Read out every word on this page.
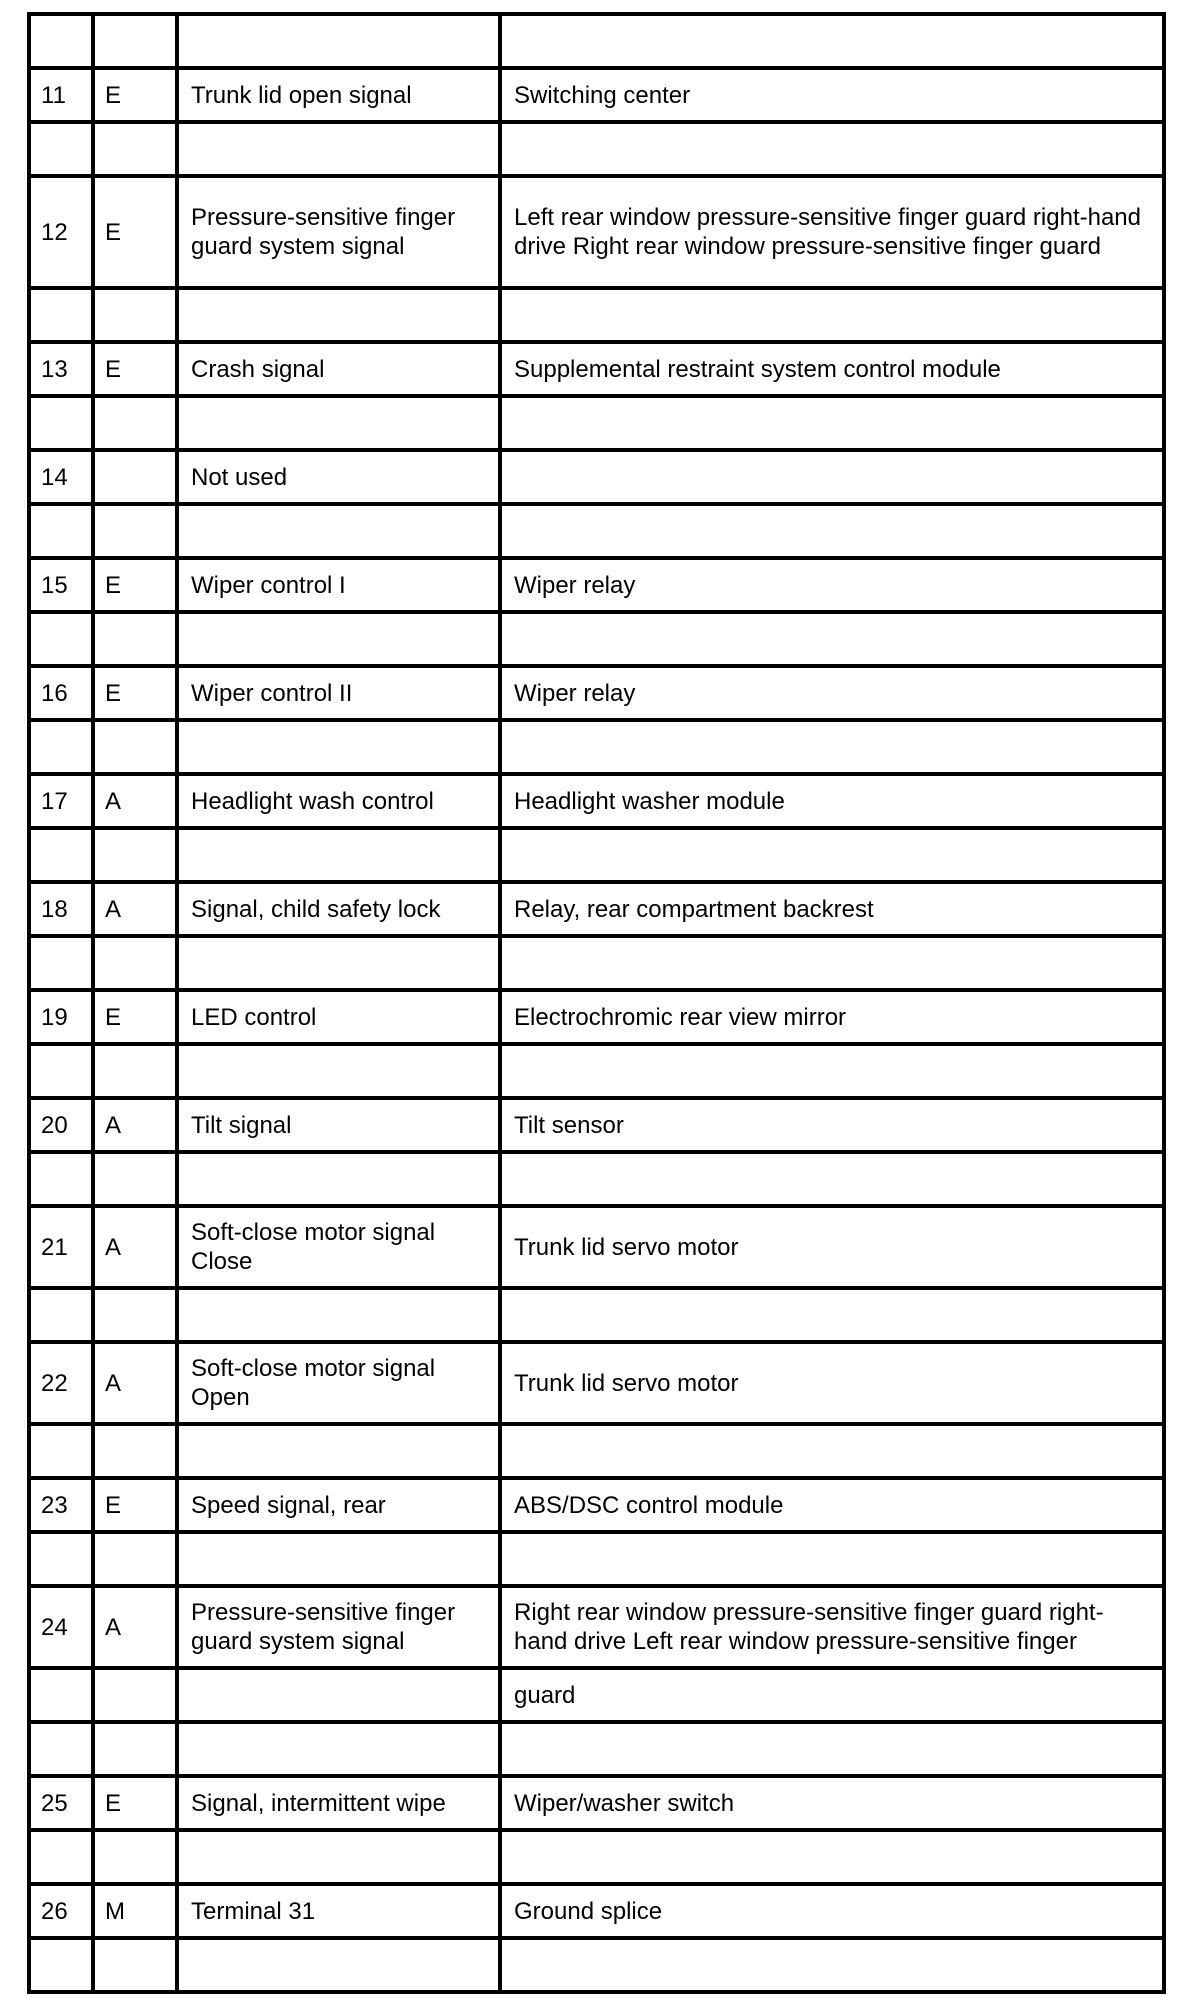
11	E	Trunk lid open signal	Switching center

12	E	Pressure-sensitive finger guard system signal	Left rear window pressure-sensitive finger guard right-hand drive Right rear window pressure-sensitive finger guard

13	E	Crash signal	Supplemental restraint system control module

14		Not used	

15	E	Wiper control I	Wiper relay

16	E	Wiper control II	Wiper relay

17	A	Headlight wash control	Headlight washer module

18	A	Signal, child safety lock	Relay, rear compartment backrest

19	E	LED control	Electrochromic rear view mirror

20	A	Tilt signal	Tilt sensor

21	A	Soft-close motor signal Close	Trunk lid servo motor

22	A	Soft-close motor signal Open	Trunk lid servo motor

23	E	Speed signal, rear	ABS/DSC control module

24	A	Pressure-sensitive finger guard system signal	Right rear window pressure-sensitive finger guard right-hand drive Left rear window pressure-sensitive finger

			guard

25	E	Signal, intermittent wipe	Wiper/washer switch

26	M	Terminal 31	Ground splice
